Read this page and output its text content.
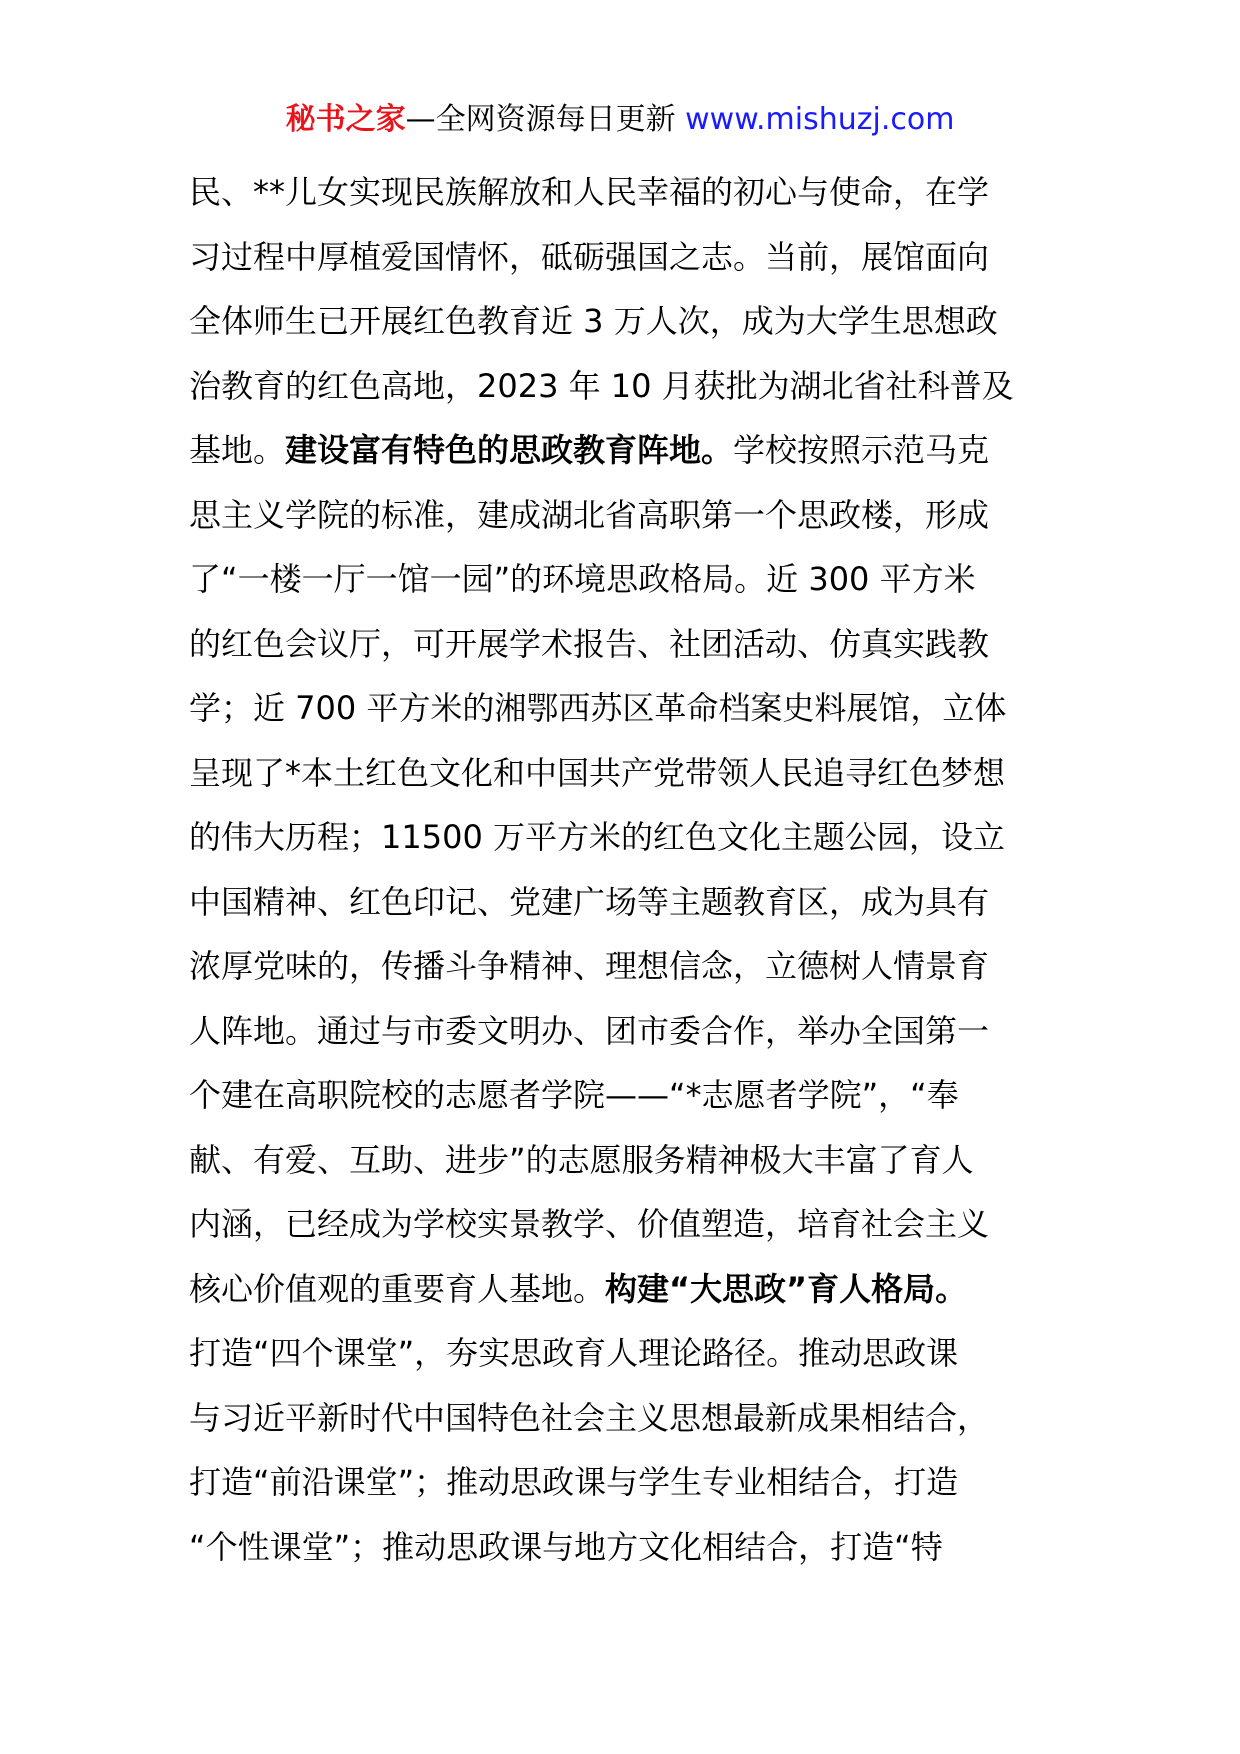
秘书之家—全网资源每日更新 www.mishuzj.com
民、**儿女实现民族解放和人民幸福的初心与使命，在学
习过程中厚植爱国情怀，砥砺强国之志。当前，展馆面向
全体师生已开展红色教育近 3 万人次，成为大学生思想政
治教育的红色高地，2023 年 10 月获批为湖北省社科普及
基地。建设富有特色的思政教育阵地。学校按照示范马克
思主义学院的标准，建成湖北省高职第一个思政楼，形成
了“一楼一厅一馆一园”的环境思政格局。近 300 平方米
的红色会议厅，可开展学术报告、社团活动、仿真实践教
学；近 700 平方米的湘鄂西苏区革命档案史料展馆，立体
呈现了*本土红色文化和中国共产党带领人民追寻红色梦想
的伟大历程；11500 万平方米的红色文化主题公园，设立
中国精神、红色印记、党建广场等主题教育区，成为具有
浓厚党味的，传播斗争精神、理想信念，立德树人情景育
人阵地。通过与市委文明办、团市委合作，举办全国第一
个建在高职院校的志愿者学院——“*志愿者学院”，“奉
献、有爱、互助、进步”的志愿服务精神极大丰富了育人
内涵，已经成为学校实景教学、价值塑造，培育社会主义
核心价值观的重要育人基地。构建“大思政”育人格局。
打造“四个课堂”，夯实思政育人理论路径。推动思政课
与习近平新时代中国特色社会主义思想最新成果相结合，
打造“前沿课堂”；推动思政课与学生专业相结合，打造
“个性课堂”；推动思政课与地方文化相结合，打造“特
